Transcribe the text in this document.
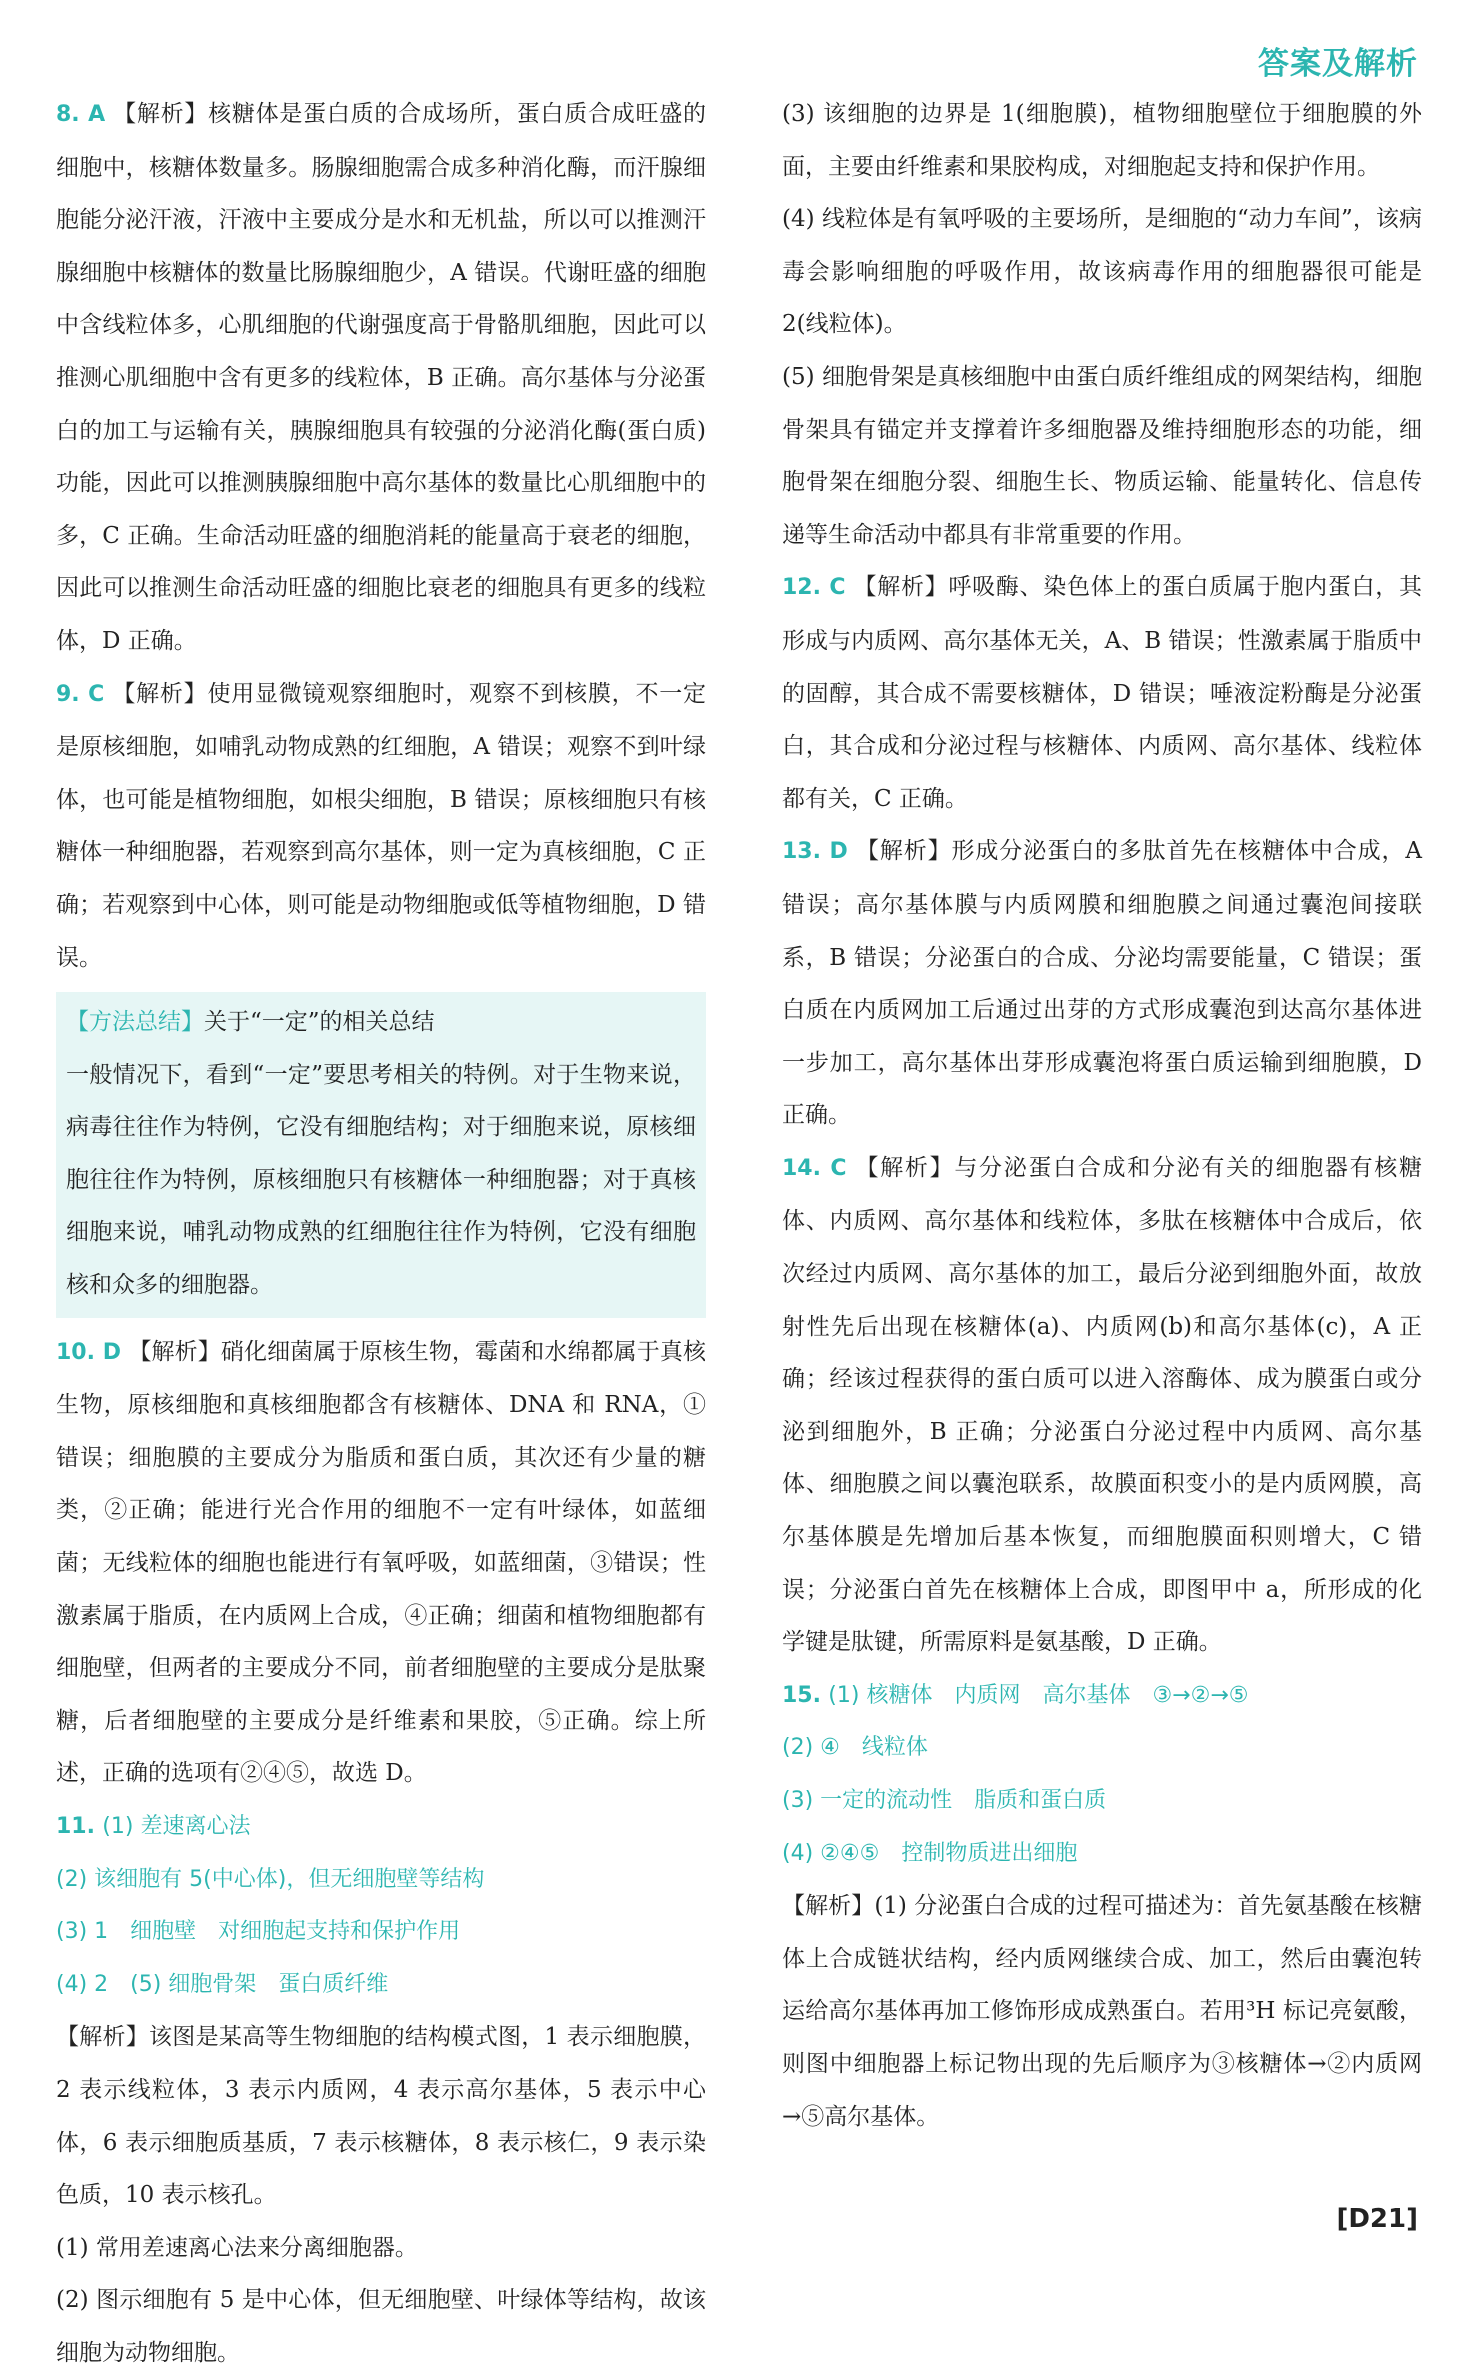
答案及解析
8. A 【解析】核糖体是蛋白质的合成场所，蛋白质合成旺盛的细胞中，核糖体数量多。肠腺细胞需合成多种消化酶，而汗腺细胞能分泌汗液，汗液中主要成分是水和无机盐，所以可以推测汗腺细胞中核糖体的数量比肠腺细胞少，A 错误。代谢旺盛的细胞中含线粒体多，心肌细胞的代谢强度高于骨骼肌细胞，因此可以推测心肌细胞中含有更多的线粒体，B 正确。高尔基体与分泌蛋白的加工与运输有关，胰腺细胞具有较强的分泌消化酶(蛋白质)功能，因此可以推测胰腺细胞中高尔基体的数量比心肌细胞中的多，C 正确。生命活动旺盛的细胞消耗的能量高于衰老的细胞，因此可以推测生命活动旺盛的细胞比衰老的细胞具有更多的线粒体，D 正确。
9. C 【解析】使用显微镜观察细胞时，观察不到核膜，不一定是原核细胞，如哺乳动物成熟的红细胞，A 错误；观察不到叶绿体，也可能是植物细胞，如根尖细胞，B 错误；原核细胞只有核糖体一种细胞器，若观察到高尔基体，则一定为真核细胞，C 正确；若观察到中心体，则可能是动物细胞或低等植物细胞，D 错误。
【方法总结】关于“一定”的相关总结
一般情况下，看到“一定”要思考相关的特例。对于生物来说，病毒往往作为特例，它没有细胞结构；对于细胞来说，原核细胞往往作为特例，原核细胞只有核糖体一种细胞器；对于真核细胞来说，哺乳动物成熟的红细胞往往作为特例，它没有细胞核和众多的细胞器。
10. D 【解析】硝化细菌属于原核生物，霉菌和水绵都属于真核生物，原核细胞和真核细胞都含有核糖体、DNA 和 RNA，①错误；细胞膜的主要成分为脂质和蛋白质，其次还有少量的糖类，②正确；能进行光合作用的细胞不一定有叶绿体，如蓝细菌；无线粒体的细胞也能进行有氧呼吸，如蓝细菌，③错误；性激素属于脂质，在内质网上合成，④正确；细菌和植物细胞都有细胞壁，但两者的主要成分不同，前者细胞壁的主要成分是肽聚糖，后者细胞壁的主要成分是纤维素和果胶，⑤正确。综上所述，正确的选项有②④⑤，故选 D。
11. (1) 差速离心法
(2) 该细胞有 5(中心体)，但无细胞壁等结构
(3) 1　细胞壁　对细胞起支持和保护作用
(4) 2　(5) 细胞骨架　蛋白质纤维
【解析】该图是某高等生物细胞的结构模式图，1 表示细胞膜，2 表示线粒体，3 表示内质网，4 表示高尔基体，5 表示中心体，6 表示细胞质基质，7 表示核糖体，8 表示核仁，9 表示染色质，10 表示核孔。
(1) 常用差速离心法来分离细胞器。
(2) 图示细胞有 5 是中心体，但无细胞壁、叶绿体等结构，故该细胞为动物细胞。
(3) 该细胞的边界是 1(细胞膜)，植物细胞壁位于细胞膜的外面，主要由纤维素和果胶构成，对细胞起支持和保护作用。
(4) 线粒体是有氧呼吸的主要场所，是细胞的“动力车间”，该病毒会影响细胞的呼吸作用，故该病毒作用的细胞器很可能是 2(线粒体)。
(5) 细胞骨架是真核细胞中由蛋白质纤维组成的网架结构，细胞骨架具有锚定并支撑着许多细胞器及维持细胞形态的功能，细胞骨架在细胞分裂、细胞生长、物质运输、能量转化、信息传递等生命活动中都具有非常重要的作用。
12. C 【解析】呼吸酶、染色体上的蛋白质属于胞内蛋白，其形成与内质网、高尔基体无关，A、B 错误；性激素属于脂质中的固醇，其合成不需要核糖体，D 错误；唾液淀粉酶是分泌蛋白，其合成和分泌过程与核糖体、内质网、高尔基体、线粒体都有关，C 正确。
13. D 【解析】形成分泌蛋白的多肽首先在核糖体中合成，A 错误；高尔基体膜与内质网膜和细胞膜之间通过囊泡间接联系，B 错误；分泌蛋白的合成、分泌均需要能量，C 错误；蛋白质在内质网加工后通过出芽的方式形成囊泡到达高尔基体进一步加工，高尔基体出芽形成囊泡将蛋白质运输到细胞膜，D 正确。
14. C 【解析】与分泌蛋白合成和分泌有关的细胞器有核糖体、内质网、高尔基体和线粒体，多肽在核糖体中合成后，依次经过内质网、高尔基体的加工，最后分泌到细胞外面，故放射性先后出现在核糖体(a)、内质网(b)和高尔基体(c)，A 正确；经该过程获得的蛋白质可以进入溶酶体、成为膜蛋白或分泌到细胞外，B 正确；分泌蛋白分泌过程中内质网、高尔基体、细胞膜之间以囊泡联系，故膜面积变小的是内质网膜，高尔基体膜是先增加后基本恢复，而细胞膜面积则增大，C 错误；分泌蛋白首先在核糖体上合成，即图甲中 a，所形成的化学键是肽键，所需原料是氨基酸，D 正确。
15. (1) 核糖体　内质网　高尔基体　③→②→⑤
(2) ④　线粒体
(3) 一定的流动性　脂质和蛋白质
(4) ②④⑤　控制物质进出细胞
【解析】(1) 分泌蛋白合成的过程可描述为：首先氨基酸在核糖体上合成链状结构，经内质网继续合成、加工，然后由囊泡转运给高尔基体再加工修饰形成成熟蛋白。若用³H 标记亮氨酸，则图中细胞器上标记物出现的先后顺序为③核糖体→②内质网→⑤高尔基体。
[D21]
